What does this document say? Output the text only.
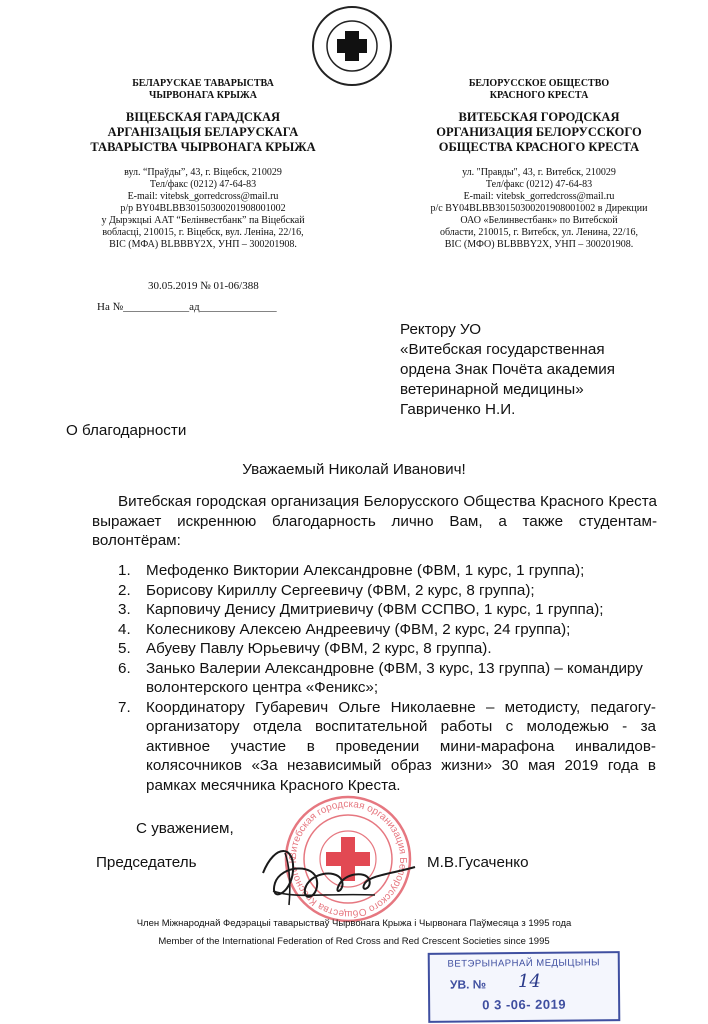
БЕЛАРУСКАЕ ТАВАРЫСТВА
ЧЫРВОНАГА КРЫЖА
ВІЦЕБСКАЯ ГАРАДСКАЯ
АРГАНІЗАЦЫЯ БЕЛАРУСКАГА
ТАВАРЫСТВА ЧЫРВОНАГА КРЫЖА
вул. “Праўды”, 43, г. Віцебск, 210029
Тел/факс (0212) 47-64-83
E-mail: vitebsk_gorredcross@mail.ru
р/р BY04BLBB30150300201908001002
у Дырэкцыі ААТ “Белінвестбанк” па Віцебскай
вобласці, 210015, г. Віцебск, вул. Леніна, 22/16,
BIC (МФА) BLBBBY2X, УНП – 300201908.
БЕЛОРУССКОЕ ОБЩЕСТВО
КРАСНОГО КРЕСТА
ВИТЕБСКАЯ ГОРОДСКАЯ
ОРГАНИЗАЦИЯ БЕЛОРУССКОГО
ОБЩЕСТВА КРАСНОГО КРЕСТА
ул. "Правды", 43, г. Витебск, 210029
Тел/факс (0212) 47-64-83
E-mail: vitebsk_gorredcross@mail.ru
р/с BY04BLBB30150300201908001002 в Дирекции
ОАО «Белинвестбанк» по Витебской
области, 210015, г. Витебск, ул. Ленина, 22/16,
BIC (МФО) BLBBBY2X, УНП – 300201908.
30.05.2019 № 01-06/388
На №____________ад______________
Ректору УО
«Витебская государственная
ордена Знак Почёта академия
ветеринарной медицины»
Гавриченко Н.И.
О благодарности
Уважаемый Николай Иванович!
Витебская городская организация Белорусского Общества Красного Креста выражает искреннюю благодарность лично Вам, а также студентам-волонтёрам:
1. Мефоденко Виктории Александровне (ФВМ, 1 курс, 1 группа);
2. Борисову Кириллу Сергеевичу (ФВМ, 2 курс, 8 группа);
3. Карповичу Денису Дмитриевичу (ФВМ ССПВО, 1 курс, 1 группа);
4. Колесникову Алексею Андреевичу (ФВМ, 2 курс, 24 группа);
5. Абуеву Павлу Юрьевичу (ФВМ, 2 курс, 8 группа).
6. Занько Валерии Александровне (ФВМ, 3 курс, 13 группа) – командиру волонтерского центра «Феникс»;
7. Координатору Губаревич Ольге Николаевне – методисту, педагогу-организатору отдела воспитательной работы с молодежью - за активное участие в проведении мини-марафона инвалидов-колясочников «За независимый образ жизни» 30 мая 2019 года в рамках месячника Красного Креста.
С уважением,
Витебская городская организация Белорусского Общества Красного К
Председатель	М.В.Гусаченко
Член Міжнароднай Федэрацыі таварыстваў Чырвонага Крыжа і Чырвонага Паўмесяца з 1995 года
Member of the International Federation of Red Cross and Red Crescent Societies since 1995
ВЕТЭРЫНАРНАЙ МЕДЫЦЫНЫ
УВ. № 14
0 3 -06- 2019
